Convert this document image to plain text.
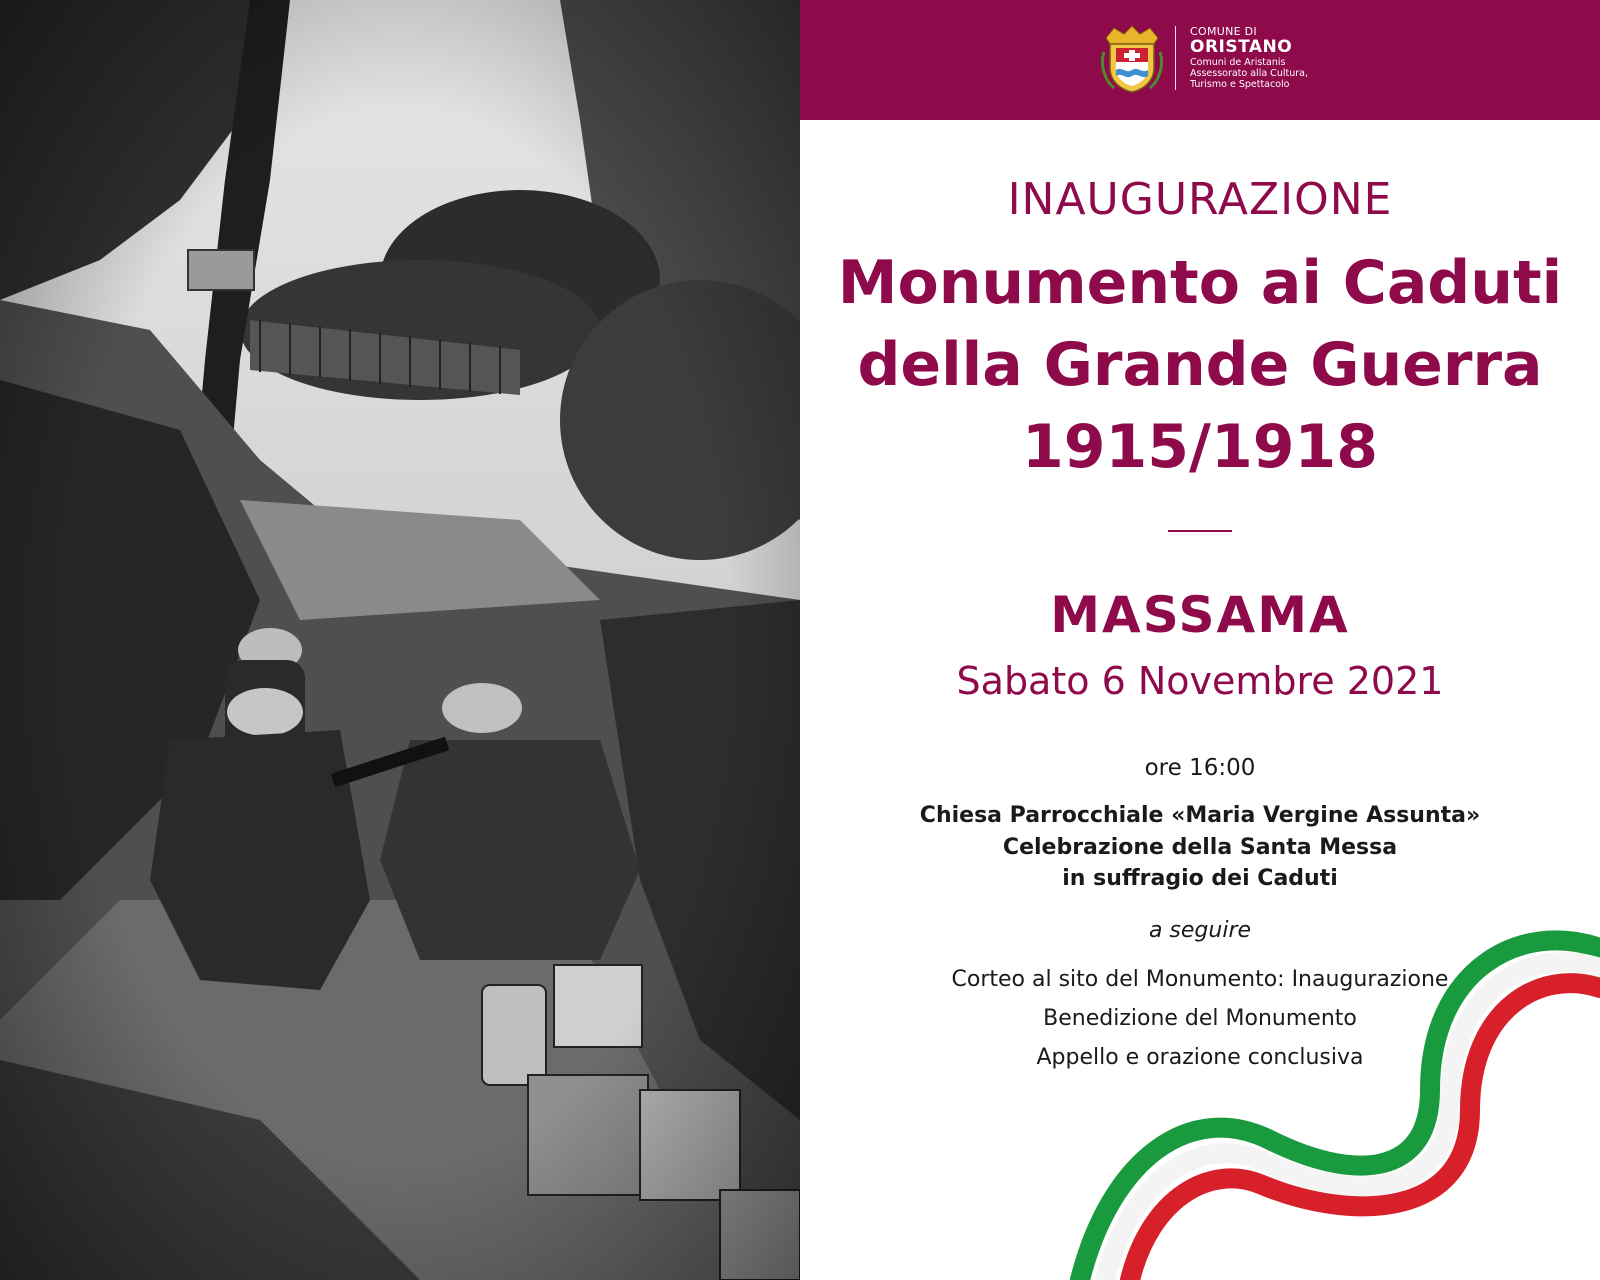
COMUNE DI
ORISTANO
Comuni de Aristanis
Assessorato alla Cultura,
Turismo e Spettacolo
INAUGURAZIONE
Monumento ai Caduti
della Grande Guerra
1915/1918
MASSAMA
Sabato 6 Novembre 2021
ore 16:00
Chiesa Parrocchiale «Maria Vergine Assunta»
Celebrazione della Santa Messa
in suffragio dei Caduti
a seguire
Corteo al sito del Monumento: Inaugurazione
Benedizione del Monumento
Appello e orazione conclusiva
